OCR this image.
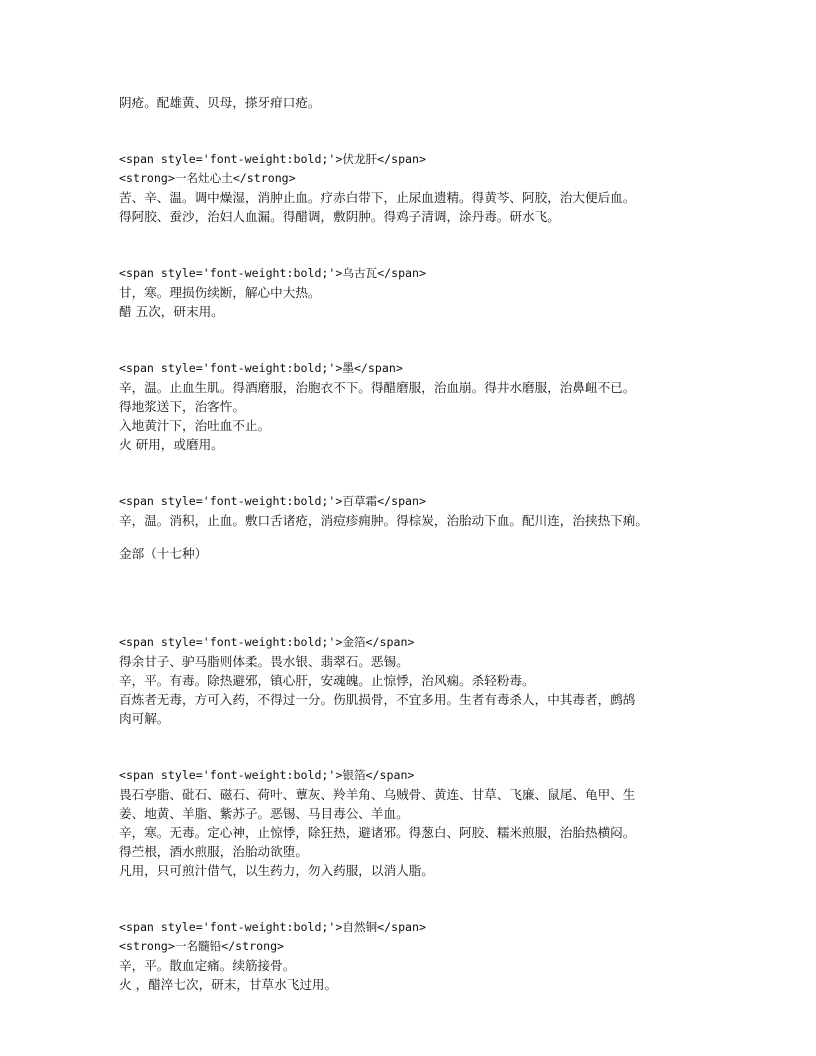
阴疮。配雄黄、贝母，搽牙疳口疮。
<span style='font-weight:bold;'>伏龙肝</span>
<strong>一名灶心土</strong>
苦、辛、温。调中燥湿，消肿止血。疗赤白带下，止尿血遗精。得黄芩、阿胶，治大便后血。
得阿胶、蚕沙，治妇人血漏。得醋调，敷阴肿。得鸡子清调，涂丹毒。研水飞。
<span style='font-weight:bold;'>乌古瓦</span>
甘，寒。理损伤续断，解心中大热。
醋 五次，研末用。
<span style='font-weight:bold;'>墨</span>
辛，温。止血生肌。得酒磨服，治胞衣不下。得醋磨服，治血崩。得井水磨服，治鼻衄不已。
得地浆送下，治客忤。
入地黄汁下，治吐血不止。
火 研用，或磨用。
<span style='font-weight:bold;'>百草霜</span>
辛，温。消积，止血。敷口舌诸疮，消痘疹痈肿。得棕炭，治胎动下血。配川连，治挟热下痢。
金部（十七种）
<span style='font-weight:bold;'>金箔</span>
得余甘子、驴马脂则体柔。畏水银、翡翠石。恶锡。
辛，平。有毒。除热避邪，镇心肝，安魂魄。止惊悸，治风痫。杀轻粉毒。
百炼者无毒，方可入药，不得过一分。伤肌损骨，不宜多用。生者有毒杀人，中其毒者，鹧鸪
肉可解。
<span style='font-weight:bold;'>银箔</span>
畏石亭脂、砒石、磁石、荷叶、蕈灰、羚羊角、乌贼骨、黄连、甘草、飞廉、鼠尾、龟甲、生
姜、地黄、羊脂、紫苏子。恶锡、马目毒公、羊血。
辛，寒。无毒。定心神，止惊悸，除狂热，避诸邪。得葱白、阿胶、糯米煎服，治胎热横闷。
得苎根，酒水煎服，治胎动欲堕。
凡用，只可煎汁借气，以生药力，勿入药服，以消人脂。
<span style='font-weight:bold;'>自然铜</span>
<strong>一名髓铅</strong>
辛，平。散血定痛。续筋接骨。
火 ，醋淬七次，研末，甘草水飞过用。
